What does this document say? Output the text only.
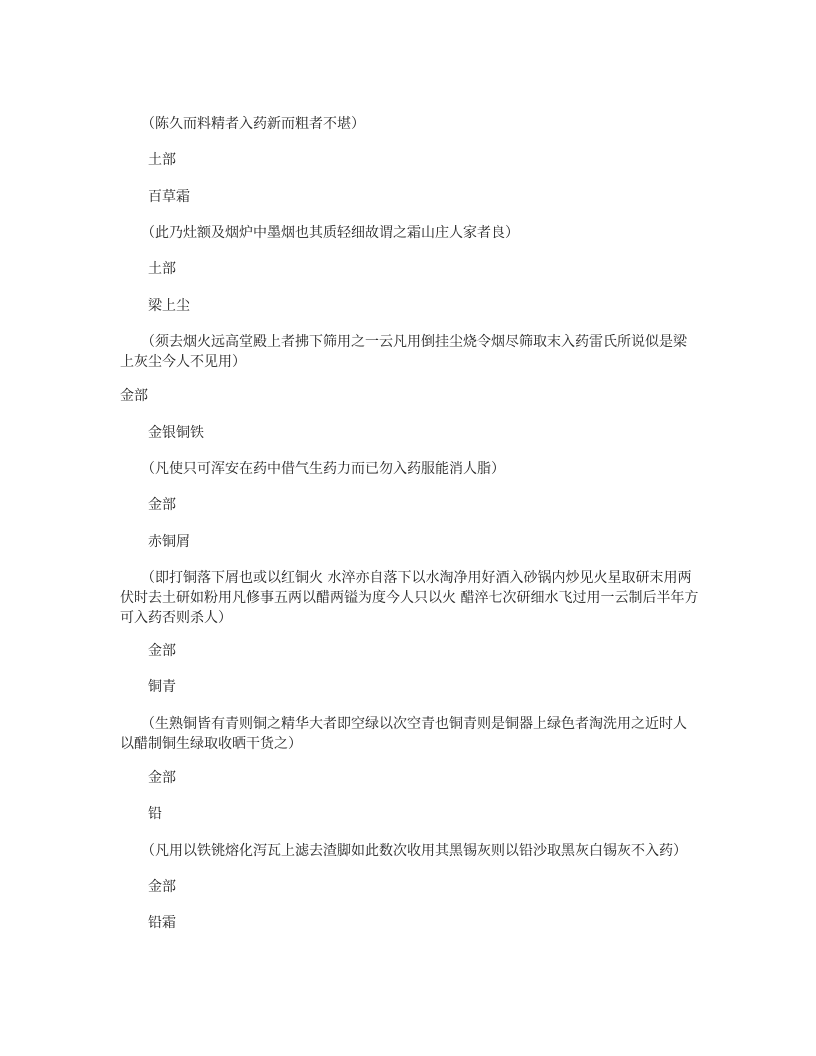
　　（陈久而料精者入药新而粗者不堪）

　　土部

　　百草霜

　　（此乃灶额及烟炉中墨烟也其质轻细故谓之霜山庄人家者良）

　　土部

　　梁上尘

　　（须去烟火远高堂殿上者拂下筛用之一云凡用倒挂尘烧令烟尽筛取末入药雷氏所说似是梁上灰尘今人不见用）

金部

　　金银铜铁

　　（凡使只可浑安在药中借气生药力而已勿入药服能消人脂）

　　金部

　　赤铜屑

　　（即打铜落下屑也或以红铜火 水淬亦自落下以水淘净用好酒入砂锅内炒见火星取研末用两伏时去土研如粉用凡修事五两以醋两镒为度今人只以火 醋淬七次研细水飞过用一云制后半年方可入药否则杀人）

　　金部

　　铜青

　　（生熟铜皆有青则铜之精华大者即空绿以次空青也铜青则是铜器上绿色者淘洗用之近时人以醋制铜生绿取收晒干货之）

　　金部

　　铅

　　（凡用以铁铫熔化泻瓦上滤去渣脚如此数次收用其黑锡灰则以铅沙取黑灰白锡灰不入药）

　　金部

　　铅霜
